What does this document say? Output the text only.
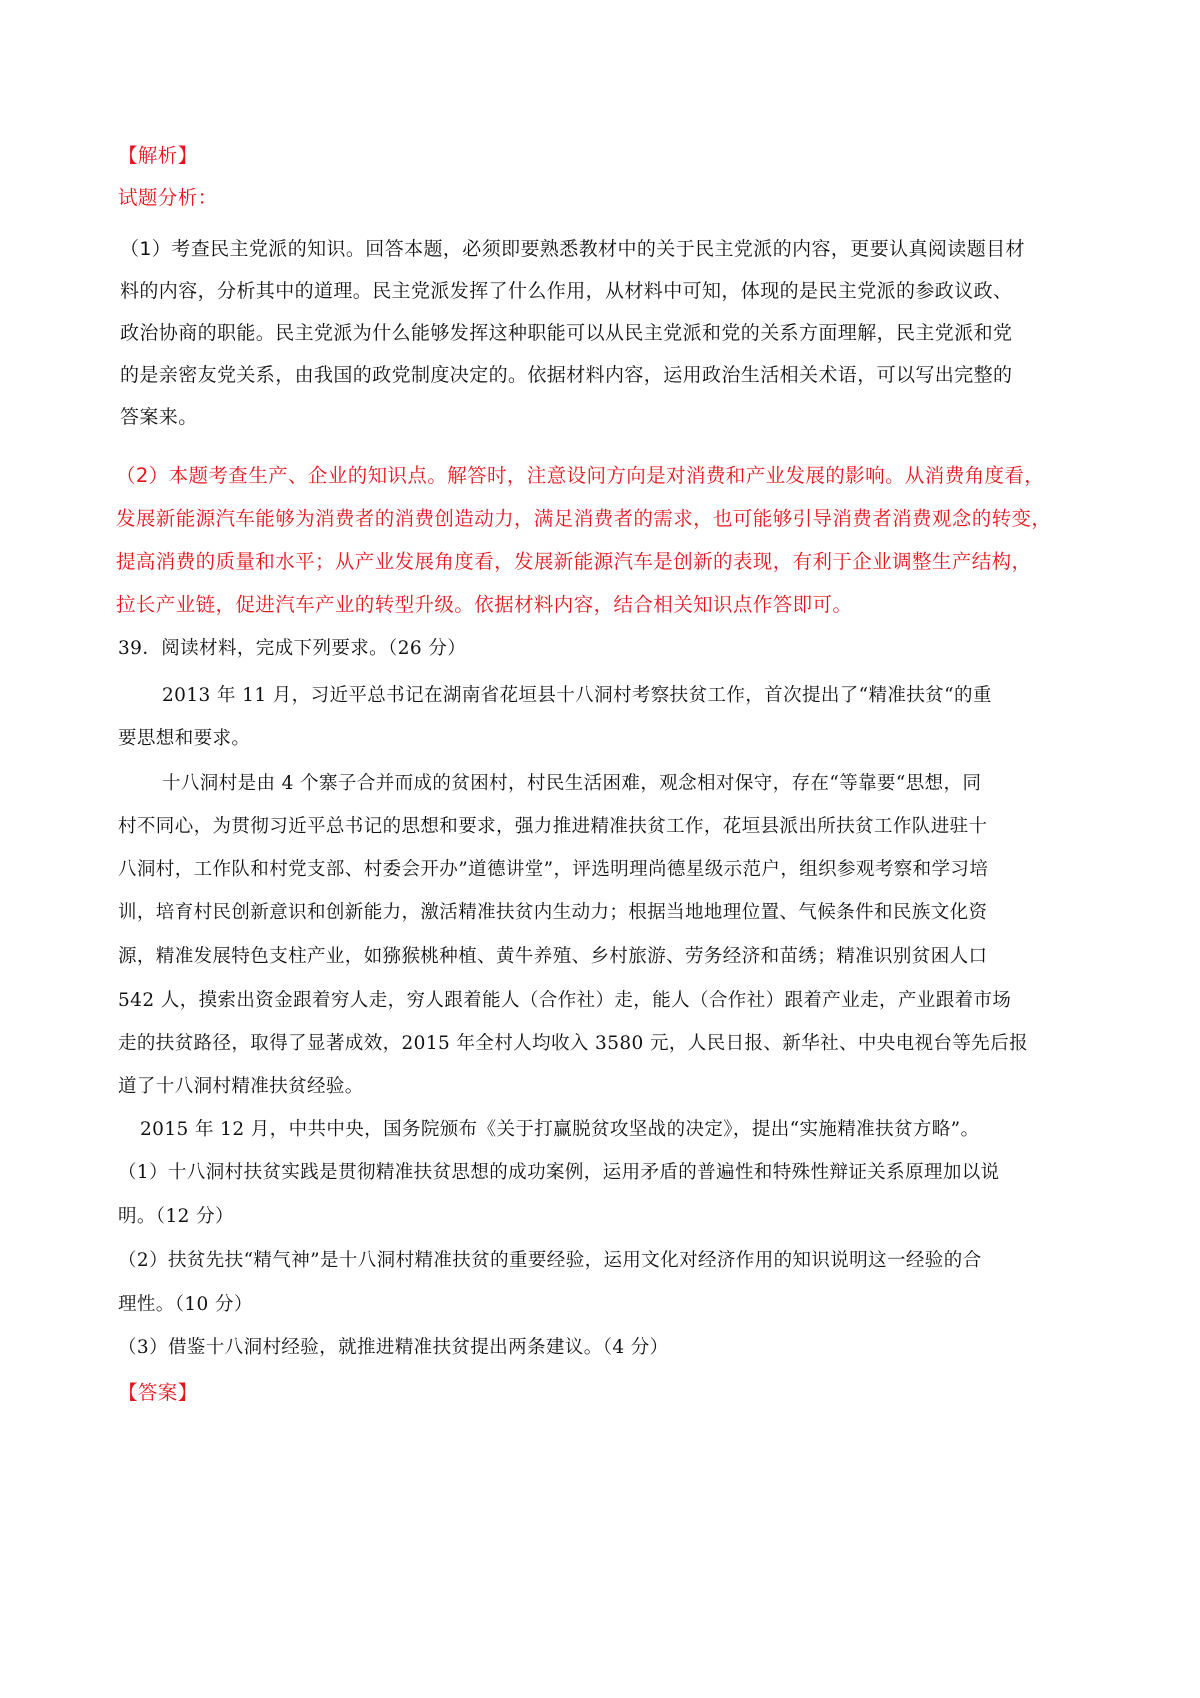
【解析】
试题分析：
（1）考查民主党派的知识。回答本题，必须即要熟悉教材中的关于民主党派的内容，更要认真阅读题目材
料的内容，分析其中的道理。民主党派发挥了什么作用，从材料中可知，体现的是民主党派的参政议政、
政治协商的职能。民主党派为什么能够发挥这种职能可以从民主党派和党的关系方面理解，民主党派和党
的是亲密友党关系，由我国的政党制度决定的。依据材料内容，运用政治生活相关术语，可以写出完整的
答案来。
（2）本题考查生产、企业的知识点。解答时，注意设问方向是对消费和产业发展的影响。从消费角度看，
发展新能源汽车能够为消费者的消费创造动力，满足消费者的需求，也可能够引导消费者消费观念的转变，
提高消费的质量和水平；从产业发展角度看，发展新能源汽车是创新的表现，有利于企业调整生产结构，
拉长产业链，促进汽车产业的转型升级。依据材料内容，结合相关知识点作答即可。
39．阅读材料，完成下列要求。（26 分）
2013 年 11 月，习近平总书记在湖南省花垣县十八洞村考察扶贫工作，首次提出了“精准扶贫“的重
要思想和要求。
十八洞村是由 4 个寨子合并而成的贫困村，村民生活困难，观念相对保守，存在“等靠要“思想，同
村不同心，为贯彻习近平总书记的思想和要求，强力推进精准扶贫工作，花垣县派出所扶贫工作队进驻十
八洞村，工作队和村党支部、村委会开办”道德讲堂”，评选明理尚德星级示范户，组织参观考察和学习培
训，培育村民创新意识和创新能力，激活精准扶贫内生动力；根据当地地理位置、气候条件和民族文化资
源，精准发展特色支柱产业，如猕猴桃种植、黄牛养殖、乡村旅游、劳务经济和苗绣；精准识别贫困人口
542 人，摸索出资金跟着穷人走，穷人跟着能人（合作社）走，能人（合作社）跟着产业走，产业跟着市场
走的扶贫路径，取得了显著成效，2015 年全村人均收入 3580 元，人民日报、新华社、中央电视台等先后报
道了十八洞村精准扶贫经验。
2015 年 12 月，中共中央，国务院颁布《关于打赢脱贫攻坚战的决定》，提出“实施精准扶贫方略”。
（1）十八洞村扶贫实践是贯彻精准扶贫思想的成功案例，运用矛盾的普遍性和特殊性辩证关系原理加以说
明。（12 分）
（2）扶贫先扶“精气神”是十八洞村精准扶贫的重要经验，运用文化对经济作用的知识说明这一经验的合
理性。（10 分）
（3）借鉴十八洞村经验，就推进精准扶贫提出两条建议。（4 分）
【答案】
